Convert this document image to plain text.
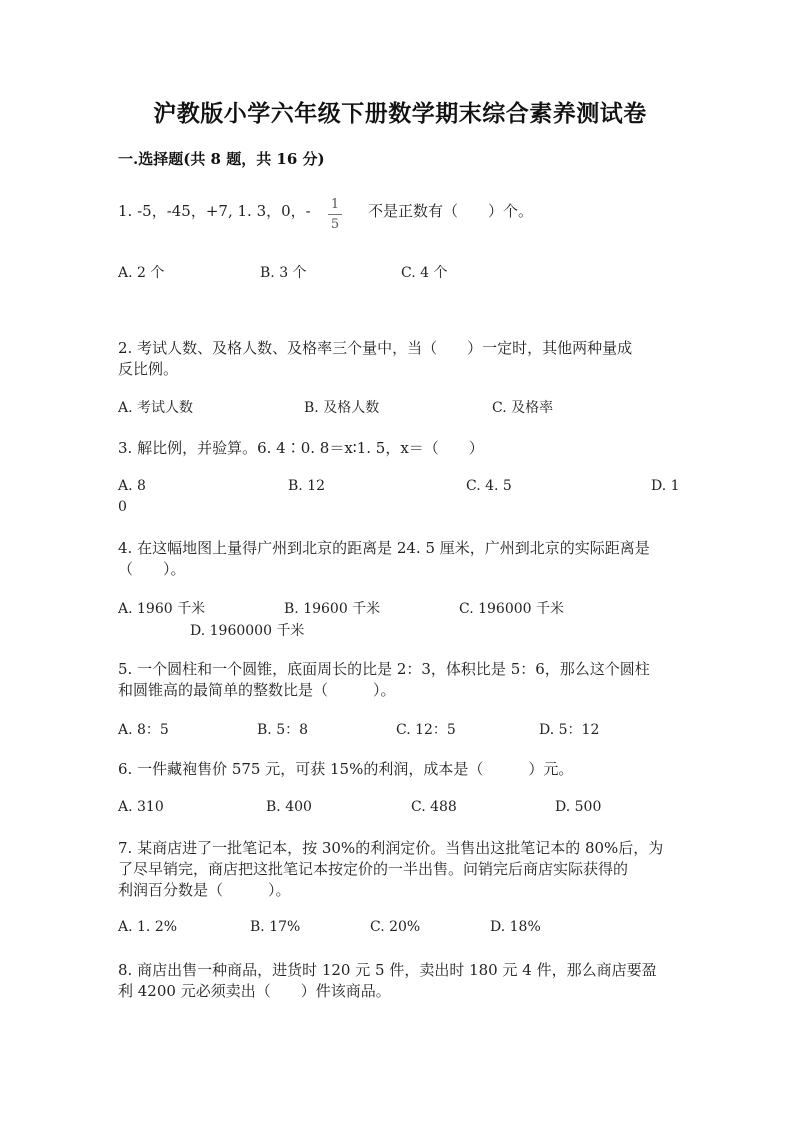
沪教版小学六年级下册数学期末综合素养测试卷
一.选择题(共 8 题，共 16 分)
1. -5，-45，+7, 1. 3，0，-	1
5
不是正数有（　　）个。
A. 2 个	B. 3 个	C. 4 个
2. 考试人数、及格人数、及格率三个量中，当（　　）一定时，其他两种量成
反比例。
A. 考试人数	B. 及格人数	C. 及格率
3. 解比例，并验算。6. 4∶0. 8＝x∶1. 5，x＝（　　）
A. 8	B. 12	C. 4. 5	D. 1
0
4. 在这幅地图上量得广州到北京的距离是 24. 5 厘米，广州到北京的实际距离是
（　　）。
A. 1960 千米	B. 19600 千米	C. 196000 千米
D. 1960000 千米
5. 一个圆柱和一个圆锥，底面周长的比是 2：3，体积比是 5：6，那么这个圆柱
和圆锥高的最简单的整数比是（　　　）。
A. 8：5	B. 5：8	C. 12：5	D. 5：12
6. 一件藏袍售价 575 元，可获 15%的利润，成本是（　　　）元。
A. 310	B. 400	C. 488	D. 500
7. 某商店进了一批笔记本，按 30%的利润定价。当售出这批笔记本的 80%后，为
了尽早销完，商店把这批笔记本按定价的一半出售。问销完后商店实际获得的
利润百分数是（　　　）。
A. 1. 2%	B. 17%	C. 20%	D. 18%
8. 商店出售一种商品，进货时 120 元 5 件，卖出时 180 元 4 件，那么商店要盈
利 4200 元必须卖出（　　）件该商品。
